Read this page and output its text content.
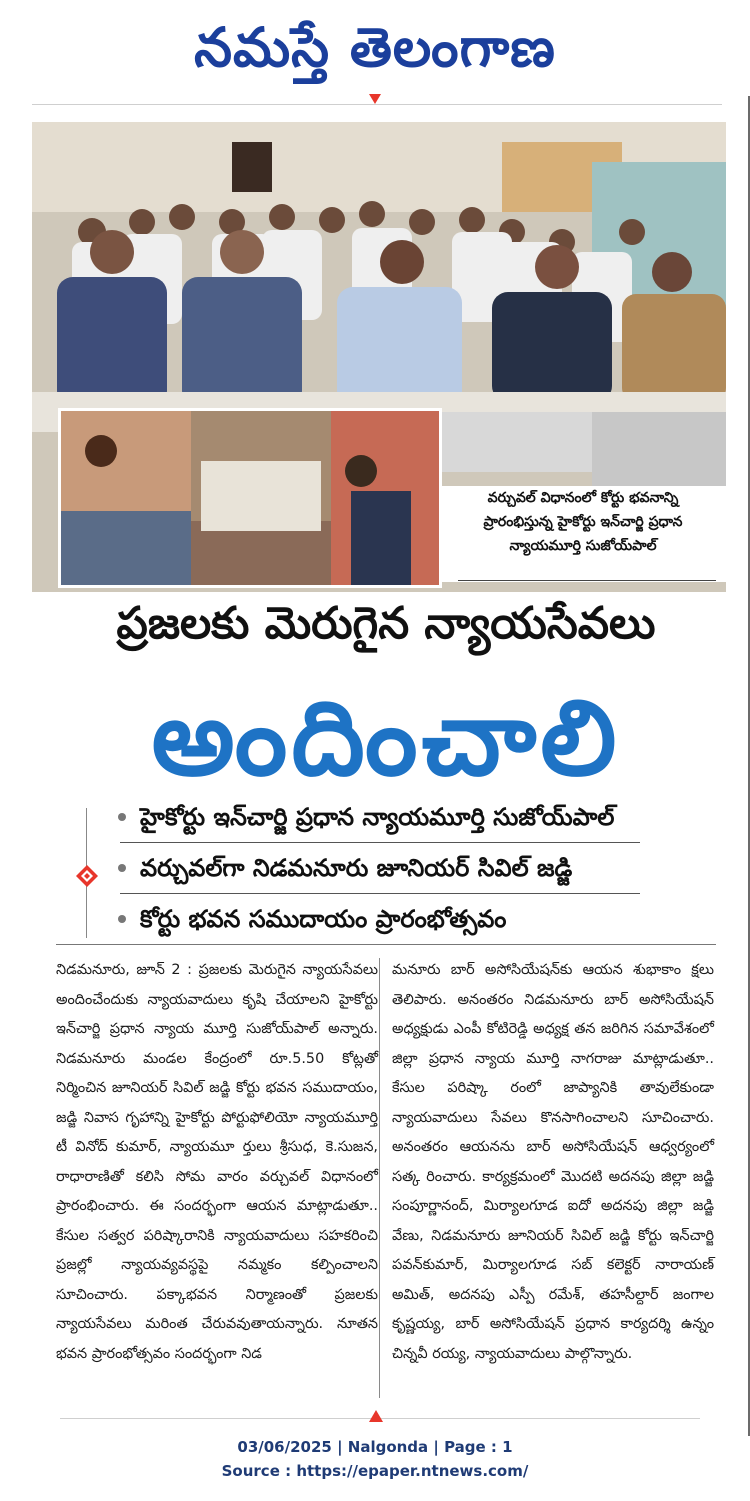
నమస్తే తెలంగాణ
వర్చువల్ విధానంలో కోర్టు భవనాన్ని
ప్రారంభిస్తున్న హైకోర్టు ఇన్‌చార్జి ప్రధాన
న్యాయమూర్తి సుజోయ్‌పాల్
ప్రజలకు మెరుగైన న్యాయసేవలు
అందించాలి
హైకోర్టు ఇన్‌చార్జి ప్రధాన న్యాయమూర్తి సుజోయ్‌పాల్
వర్చువల్‌గా నిడమనూరు జూనియర్ సివిల్ జడ్జి
కోర్టు భవన సముదాయం ప్రారంభోత్సవం
నిడమనూరు, జూన్ 2 : ప్రజలకు మెరుగైన న్యాయసేవలు అందించేందుకు న్యాయవాదులు కృషి చేయాలని హైకోర్టు ఇన్‌చార్జి ప్రధాన న్యాయ మూర్తి సుజోయ్‌పాల్ అన్నారు. నిడమనూరు మండల కేంద్రంలో రూ.5.50 కోట్లతో నిర్మించిన జూనియర్ సివిల్ జడ్జి కోర్టు భవన సముదాయం, జడ్జి నివాస గృహాన్ని హైకోర్టు పోర్టుఫోలియో న్యాయమూర్తి టీ వినోద్ కుమార్, న్యాయమూ ర్తులు శ్రీసుధ, కె.సుజన, రాధారాణితో కలిసి సోమ వారం వర్చువల్ విధానంలో ప్రారంభించారు. ఈ సందర్భంగా ఆయన మాట్లాడుతూ.. కేసుల సత్వర పరిష్కారానికి న్యాయవాదులు సహకరించి ప్రజల్లో న్యాయవ్యవస్థపై నమ్మకం కల్పించాలని సూచించారు. పక్కాభవన నిర్మాణంతో ప్రజలకు న్యాయసేవలు మరింత చేరువవుతాయన్నారు. నూతన భవన ప్రారంభోత్సవం సందర్భంగా నిడ
మనూరు బార్ అసోసియేషన్‌కు ఆయన శుభాకాం క్షలు తెలిపారు. అనంతరం నిడమనూరు బార్ అసోసియేషన్ అధ్యక్షుడు ఎంపీ కోటిరెడ్డి అధ్యక్ష తన జరిగిన సమావేశంలో జిల్లా ప్రధాన న్యాయ మూర్తి నాగరాజు మాట్లాడుతూ.. కేసుల పరిష్కా రంలో జాప్యానికి తావులేకుండా న్యాయవాదులు సేవలు కొనసాగించాలని సూచించారు. అనంతరం ఆయనను బార్ అసోసియేషన్ ఆధ్వర్యంలో సత్క రించారు. కార్యక్రమంలో మొదటి అదనపు జిల్లా జడ్జి సంపూర్ణానంద్, మిర్యాలగూడ ఐదో అదనపు జిల్లా జడ్జి వేణు, నిడమనూరు జూనియర్ సివిల్ జడ్జి కోర్టు ఇన్‌చార్జి పవన్‌కుమార్, మిర్యాలగూడ సబ్ కలెక్టర్ నారాయణ్ అమిత్, అదనపు ఎస్పీ రమేశ్, తహసీల్దార్ జంగాల కృష్ణయ్య, బార్ అసోసియేషన్ ప్రధాన కార్యదర్శి ఉన్నం చిన్నవీ రయ్య, న్యాయవాదులు పాల్గొన్నారు.
03/06/2025 | Nalgonda | Page : 1
Source : https://epaper.ntnews.com/
